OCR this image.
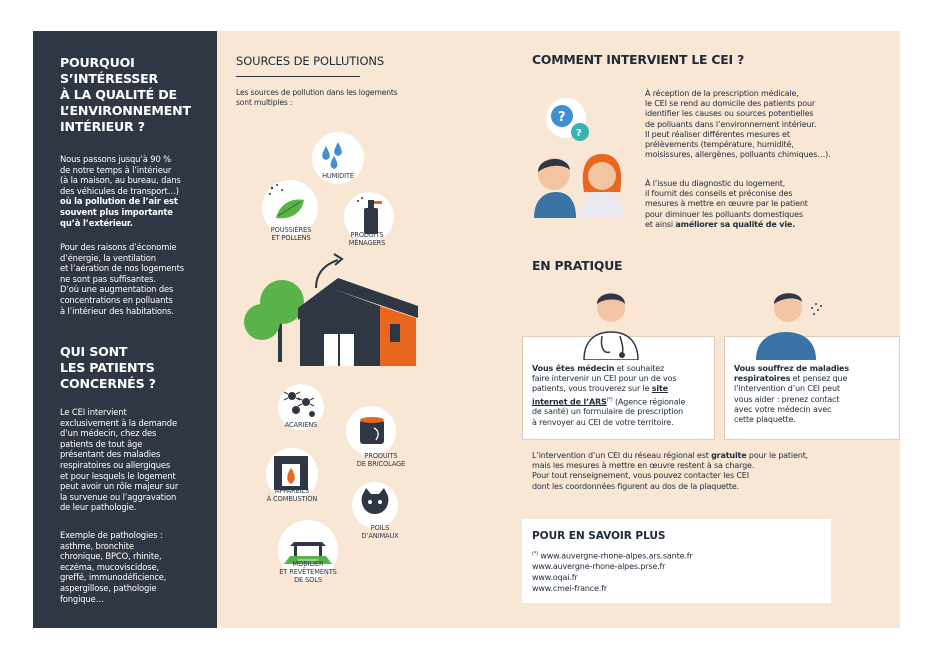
POURQUOI
S’INTÉRESSER
À LA QUALITÉ DE
L’ENVIRONNEMENT
INTÉRIEUR ?

Nous passons jusqu’à 90 %
de notre temps à l’intérieur
(à la maison, au bureau, dans
des véhicules de transport…)
où la pollution de l’air est
souvent plus importante
qu’à l’extérieur.

Pour des raisons d’économie
d’énergie, la ventilation
et l’aération de nos logements
ne sont pas suffisantes.
D’où une augmentation des
concentrations en polluants
à l’intérieur des habitations.

QUI SONT
LES PATIENTS
CONCERNÉS ?

Le CEI intervient
exclusivement à la demande
d’un médecin, chez des
patients de tout âge
présentant des maladies
respiratoires ou allergiques
et pour lesquels le logement
peut avoir un rôle majeur sur
la survenue ou l’aggravation
de leur pathologie.

Exemple de pathologies :
asthme, bronchite
chronique, BPCO, rhinite,
eczéma, mucoviscidose,
greffé, immunodéficience,
aspergillose, pathologie
fongique…

SOURCES DE POLLUTIONS
Les sources de pollution dans les logements
sont multiples :
HUMIDITÉ
POUSSIÈRES
ET POLLENS	PRODUITS
MÉNAGERS
ACARIENS
PRODUITS
DE BRICOLAGE
APPAREILS
À COMBUSTION
POILS
D’ANIMAUX
MOBILIER
ET REVÊTEMENTS
DE SOLS
COMMENT INTERVIENT LE CEI ?
?
?
À réception de la prescription médicale,
le CEI se rend au domicile des patients pour
identifier les causes ou sources potentielles
de polluants dans l’environnement intérieur.
Il peut réaliser différentes mesures et
prélèvements (température, humidité,
moisissures, allergènes, polluants chimiques…).
À l’issue du diagnostic du logement,
il fournit des conseils et préconise des
mesures à mettre en œuvre par le patient
pour diminuer les polluants domestiques
et ainsi améliorer sa qualité de vie.
EN PRATIQUE
Vous êtes médecin et souhaitez
faire intervenir un CEI pour un de vos
patients, vous trouverez sur le site
internet de l’ARS(*) (Agence régionale
de santé) un formulaire de prescription
à renvoyer au CEI de votre territoire.
Vous souffrez de maladies
respiratoires et pensez que
l’intervention d’un CEI peut
vous aider : prenez contact
avec votre médecin avec
cette plaquette.
L’intervention d’un CEI du réseau régional est gratuite pour le patient,
mais les mesures à mettre en œuvre restent à sa charge.
Pour tout renseignement, vous pouvez contacter les CEI
dont les coordonnées figurent au dos de la plaquette.
POUR EN SAVOIR PLUS
(*) www.auvergne-rhone-alpes.ars.sante.fr
www.auvergne-rhone-alpes.prse.fr
www.oqai.fr
www.cmei-france.fr
